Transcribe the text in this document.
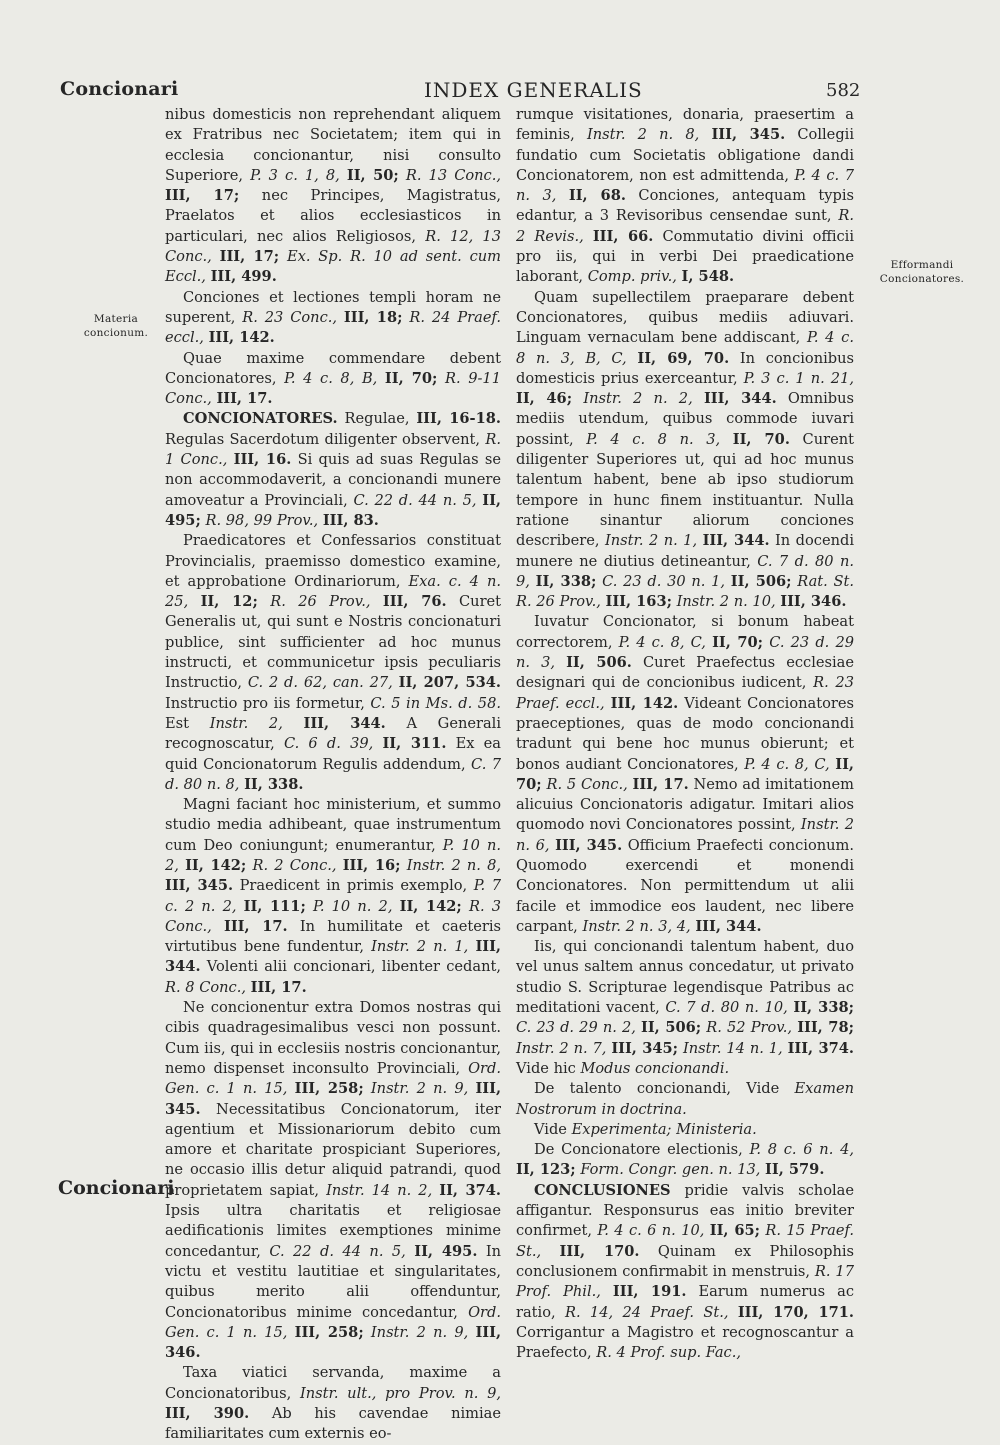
Concionari	INDEX GENERALIS	582
Materia concionum.
Efformandi Concionatores.

nibus domesticis non reprehendant aliquem ex Fratribus nec Societatem; item qui in ecclesia concionantur, nisi consulto Superiore, P. 3 c. 1, 8, II, 50; R. 13 Conc., III, 17; nec Principes, Magistratus, Praelatos et alios ecclesiasticos in particulari, nec alios Religiosos, R. 12, 13 Conc., III, 17; Ex. Sp. R. 10 ad sent. cum Eccl., III, 499.

Conciones et lectiones templi horam ne superent, R. 23 Conc., III, 18; R. 24 Praef. eccl., III, 142.

Quae maxime commendare debent Concionatores, P. 4 c. 8, B, II, 70; R. 9-11 Conc., III, 17.

CONCIONATORES. Regulae, III, 16-18. Regulas Sacerdotum diligenter observent, R. 1 Conc., III, 16. Si quis ad suas Regulas se non accommodaverit, a concionandi munere amoveatur a Provinciali, C. 22 d. 44 n. 5, II, 495; R. 98, 99 Prov., III, 83.

Praedicatores et Confessarios constituat Provincialis, praemisso domestico examine, et approbatione Ordinariorum, Exa. c. 4 n. 25, II, 12; R. 26 Prov., III, 76. Curet Generalis ut, qui sunt e Nostris concionaturi publice, sint sufficienter ad hoc munus instructi, et communicetur ipsis peculiaris Instructio, C. 2 d. 62, can. 27, II, 207, 534. Instructio pro iis formetur, C. 5 in Ms. d. 58. Est Instr. 2, III, 344. A Generali recognoscatur, C. 6 d. 39, II, 311. Ex ea quid Concionatorum Regulis addendum, C. 7 d. 80 n. 8, II, 338.

Magni faciant hoc ministerium, et summo studio media adhibeant, quae instrumentum cum Deo coniungunt; enumerantur, P. 10 n. 2, II, 142; R. 2 Conc., III, 16; Instr. 2 n. 8, III, 345. Praedicent in primis exemplo, P. 7 c. 2 n. 2, II, 111; P. 10 n. 2, II, 142; R. 3 Conc., III, 17. In humilitate et caeteris virtutibus bene fundentur, Instr. 2 n. 1, III, 344. Volenti alii concionari, libenter cedant, R. 8 Conc., III, 17.

Ne concionentur extra Domos nostras qui cibis quadragesimalibus vesci non possunt. Cum iis, qui in ecclesiis nostris concionantur, nemo dispenset inconsulto Provinciali, Ord. Gen. c. 1 n. 15, III, 258; Instr. 2 n. 9, III, 345. Necessitatibus Concionatorum, iter agentium et Missionariorum debito cum amore et charitate prospiciant Superiores, ne occasio illis detur aliquid patrandi, quod proprietatem sapiat, Instr. 14 n. 2, II, 374. Ipsis ultra charitatis et religiosae aedificationis limites exemptiones minime concedantur, C. 22 d. 44 n. 5, II, 495. In victu et vestitu lautitiae et singularitates, quibus merito alii offenduntur, Concionatoribus minime concedantur, Ord. Gen. c. 1 n. 15, III, 258; Instr. 2 n. 9, III, 346.

Taxa viatici servanda, maxime a Concionatoribus, Instr. ult., pro Prov. n. 9, III, 390. Ab his cavendae nimiae familiaritates cum externis eo-

rumque visitationes, donaria, praesertim a feminis, Instr. 2 n. 8, III, 345. Collegii fundatio cum Societatis obligatione dandi Concionatorem, non est admittenda, P. 4 c. 7 n. 3, II, 68. Conciones, antequam typis edantur, a 3 Revisoribus censendae sunt, R. 2 Revis., III, 66. Commutatio divini officii pro iis, qui in verbi Dei praedicatione laborant, Comp. priv., I, 548.

Quam supellectilem praeparare debent Concionatores, quibus mediis adiuvari. Linguam vernaculam bene addiscant, P. 4 c. 8 n. 3, B, C, II, 69, 70. In concionibus domesticis prius exerceantur, P. 3 c. 1 n. 21, II, 46; Instr. 2 n. 2, III, 344. Omnibus mediis utendum, quibus commode iuvari possint, P. 4 c. 8 n. 3, II, 70. Curent diligenter Superiores ut, qui ad hoc munus talentum habent, bene ab ipso studiorum tempore in hunc finem instituantur. Nulla ratione sinantur aliorum conciones describere, Instr. 2 n. 1, III, 344. In docendi munere ne diutius detineantur, C. 7 d. 80 n. 9, II, 338; C. 23 d. 30 n. 1, II, 506; Rat. St. R. 26 Prov., III, 163; Instr. 2 n. 10, III, 346.

Iuvatur Concionator, si bonum habeat correctorem, P. 4 c. 8, C, II, 70; C. 23 d. 29 n. 3, II, 506. Curet Praefectus ecclesiae designari qui de concionibus iudicent, R. 23 Praef. eccl., III, 142. Videant Concionatores praeceptiones, quas de modo concionandi tradunt qui bene hoc munus obierunt; et bonos audiant Concionatores, P. 4 c. 8, C, II, 70; R. 5 Conc., III, 17. Nemo ad imitationem alicuius Concionatoris adigatur. Imitari alios quomodo novi Concionatores possint, Instr. 2 n. 6, III, 345. Officium Praefecti concionum. Quomodo exercendi et monendi Concionatores. Non permittendum ut alii facile et immodice eos laudent, nec libere carpant, Instr. 2 n. 3, 4, III, 344.

Iis, qui concionandi talentum habent, duo vel unus saltem annus concedatur, ut privato studio S. Scripturae legendisque Patribus ac meditationi vacent, C. 7 d. 80 n. 10, II, 338; C. 23 d. 29 n. 2, II, 506; R. 52 Prov., III, 78; Instr. 2 n. 7, III, 345; Instr. 14 n. 1, III, 374. Vide hic Modus concionandi.

De talento concionandi, Vide Examen Nostrorum in doctrina.

Vide Experimenta; Ministeria.

De Concionatore electionis, P. 8 c. 6 n. 4, II, 123; Form. Congr. gen. n. 13, II, 579.

CONCLUSIONES pridie valvis scholae affigantur. Responsurus eas initio breviter confirmet, P. 4 c. 6 n. 10, II, 65; R. 15 Praef. St., III, 170. Quinam ex Philosophis conclusionem confirmabit in menstruis, R. 17 Prof. Phil., III, 191. Earum numerus ac ratio, R. 14, 24 Praef. St., III, 170, 171. Corrigantur a Magistro et recognoscantur a Praefecto, R. 4 Prof. sup. Fac.,

Concionari
